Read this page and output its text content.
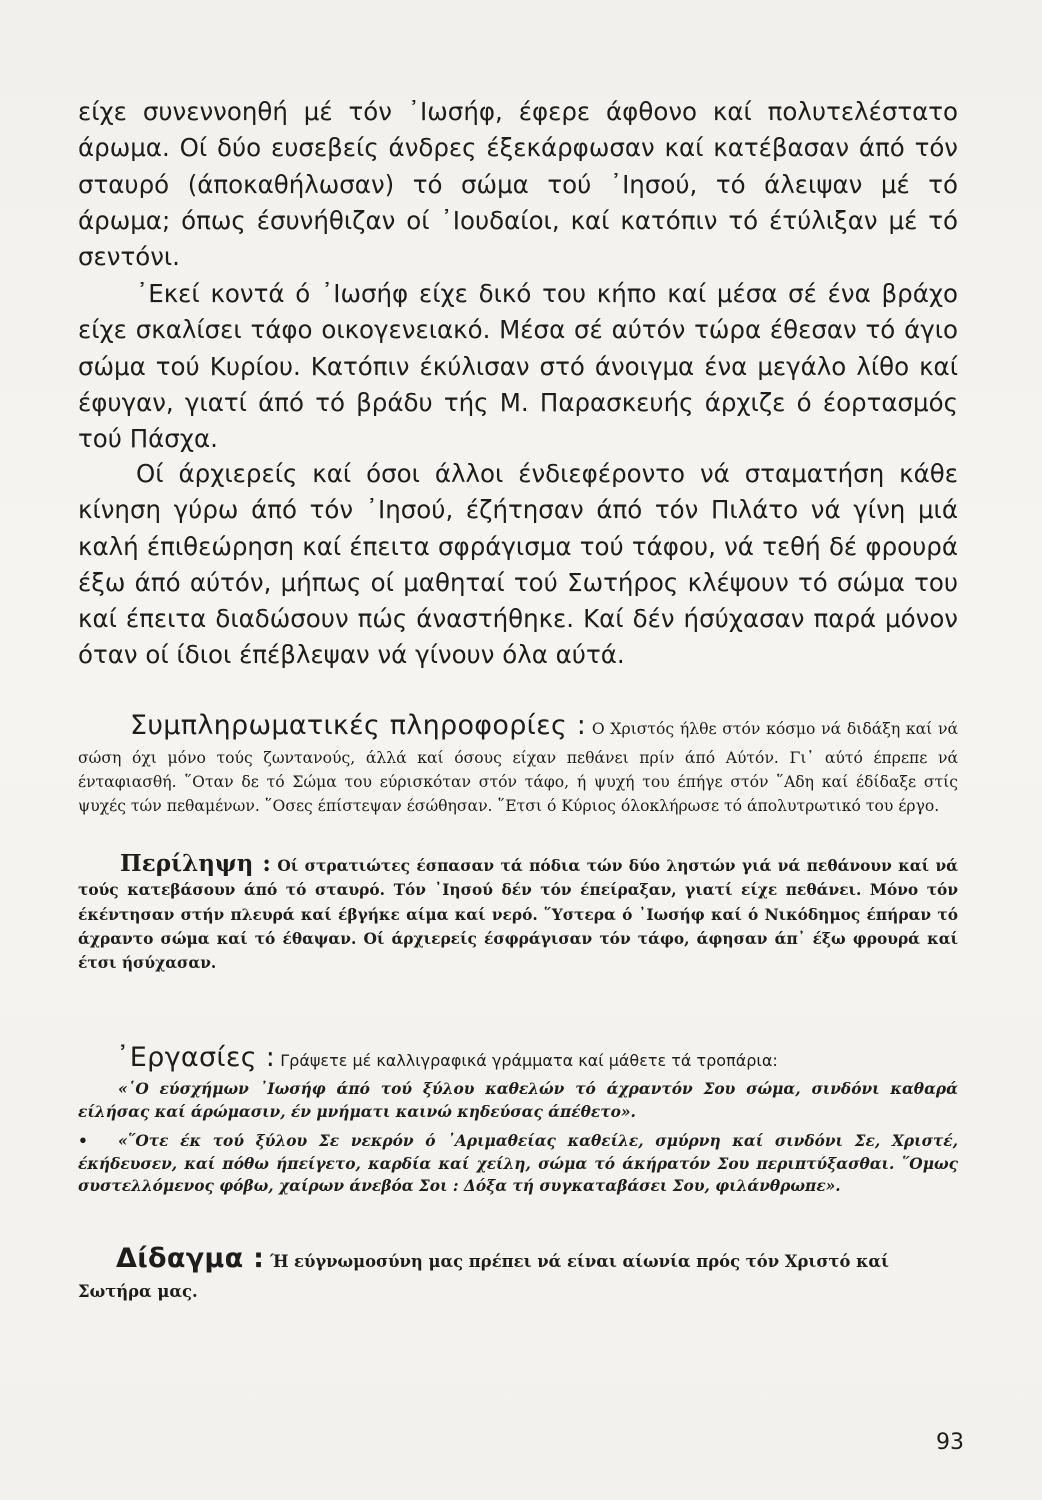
είχε συνεννοηθή μέ τόν ᾽Ιωσήφ, έφερε άφθονο καί πολυτελέστατο άρωμα. Οί δύο ευσεβείς άνδρες έξεκάρφωσαν καί κατέβασαν άπό τόν σταυρό (άποκαθήλωσαν) τό σώμα τού ᾽Ιησού, τό άλειψαν μέ τό άρωμα; όπως έσυνήθιζαν οί ᾽Ιουδαίοι, καί κατόπιν τό έτύλιξαν μέ τό σεντόνι.

᾽Εκεί κοντά ό ᾽Ιωσήφ είχε δικό του κήπο καί μέσα σέ ένα βράχο είχε σκαλίσει τάφο οικογενειακό. Μέσα σέ αύτόν τώρα έθεσαν τό άγιο σώμα τού Κυρίου. Κατόπιν έκύλισαν στό άνοιγμα ένα μεγάλο λίθο καί έφυγαν, γιατί άπό τό βράδυ τής Μ. Παρασκευής άρχιζε ό έορτασμός τού Πάσχα.

Οί άρχιερείς καί όσοι άλλοι ένδιεφέροντο νά σταματήση κάθε κίνηση γύρω άπό τόν ᾽Ιησού, έζήτησαν άπό τόν Πιλάτο νά γίνη μιά καλή έπιθεώρηση καί έπειτα σφράγισμα τού τάφου, νά τεθή δέ φρουρά έξω άπό αύτόν, μήπως οί μαθηταί τού Σωτήρος κλέψουν τό σώμα του καί έπειτα διαδώσουν πώς άναστήθηκε. Καί δέν ήσύχασαν παρά μόνον όταν οί ίδιοι έπέβλεψαν νά γίνουν όλα αύτά.

Συμπληρωματικές πληροφορίες : Ο Χριστός ήλθε στόν κόσμο νά διδάξη καί νά σώση όχι μόνο τούς ζωντανούς, άλλά καί όσους είχαν πεθάνει πρίν άπό Αύτόν. Γι᾽ αύτό έπρεπε νά ένταφιασθή. ῞Οταν δε τό Σώμα του εύρισκόταν στόν τάφο, ή ψυχή του έπήγε στόν ῞Αδη καί έδίδαξε στίς ψυχές τών πεθαμένων. ῞Οσες έπίστεψαν έσώθησαν. ῞Ετσι ό Κύριος όλοκλήρωσε τό άπολυτρωτικό του έργο.

Περίληψη : Οί στρατιώτες έσπασαν τά πόδια τών δύο ληστών γιά νά πεθάνουν καί νά τούς κατεβάσουν άπό τό σταυρό. Τόν ᾽Ιησού δέν τόν έπείραξαν, γιατί είχε πεθάνει. Μόνο τόν έκέντησαν στήν πλευρά καί έβγήκε αίμα καί νερό. ῞Υστερα ό ᾽Ιωσήφ καί ό Νικόδημος έπήραν τό άχραντο σώμα καί τό έθαψαν. Οί άρχιερείς έσφράγισαν τόν τάφο, άφησαν άπ᾽ έξω φρουρά καί έτσι ήσύχασαν.

᾽Εργασίες : Γράψετε μέ καλλιγραφικά γράμματα καί μάθετε τά τροπάρια:

«῾Ο εύσχήμων ᾽Ιωσήφ άπό τού ξύλου καθελών τό άχραντόν Σου σώμα, σινδόνι καθαρά είλήσας καί άρώμασιν, έν μνήματι καινώ κηδεύσας άπέθετο».

• «῞Οτε έκ τού ξύλου Σε νεκρόν ό ᾽Αριμαθείας καθείλε, σμύρνη καί σινδόνι Σε, Χριστέ, έκήδευσεν, καί πόθω ήπείγετο, καρδία καί χείλη, σώμα τό άκήρατόν Σου περιπτύξασθαι. ῞Ομως συστελλόμενος φόβω, χαίρων άνεβόα Σοι : Δόξα τή συγκαταβάσει Σου, φιλάνθρωπε».

Δίδαγμα : Ή εύγνωμοσύνη μας πρέπει νά είναι αίωνία πρός τόν Χριστό καί Σωτήρα μας.
93
